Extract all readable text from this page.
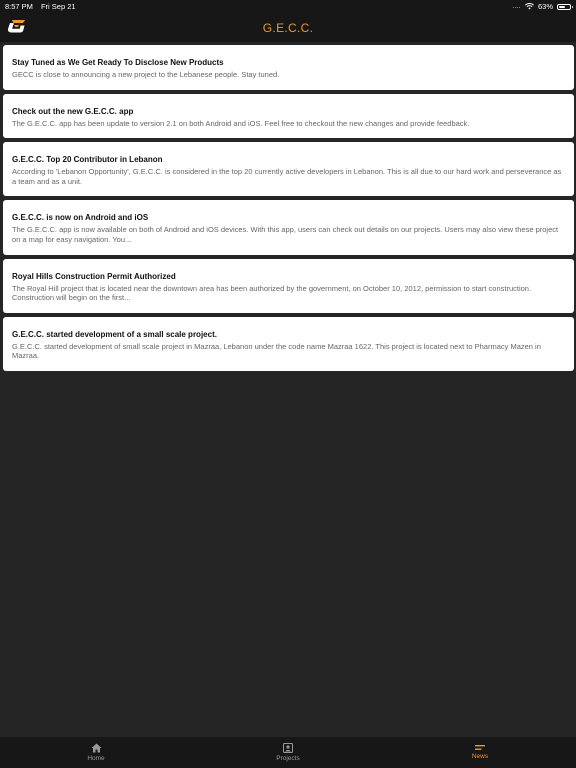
8:57 PM Fri Sep 21	.... 63%
G.E.C.C.
Stay Tuned as We Get Ready To Disclose New Products
GECC is close to announcing a new project to the Lebanese people. Stay tuned.
Check out the new G.E.C.C. app
The G.E.C.C. app has been update to version 2.1 on both Android and iOS. Feel free to checkout the new changes and provide feedback.
G.E.C.C. Top 20 Contributor in Lebanon
According to 'Lebanon Opportunity', G.E.C.C. is considered in the top 20 currently active developers in Lebanon. This is all due to our hard work and perseverance as a team and as a unit.
G.E.C.C. is now on Android and iOS
The G.E.C.C. app is now available on both of Android and iOS devices. With this app, users can check out details on our projects. Users may also view these project on a map for easy navigation. You...
Royal Hills Construction Permit Authorized
The Royal Hill project that is located near the downtown area has been authorized by the government, on October 10, 2012, permission to start construction. Construction will begin on the first...
G.E.C.C. started development of a small scale project.
G.E.C.C. started development of small scale project in Mazraa, Lebanon under the code name Mazraa 1622. This project is located next to Pharmacy Mazen in Mazraa.
Home	Projects	News
